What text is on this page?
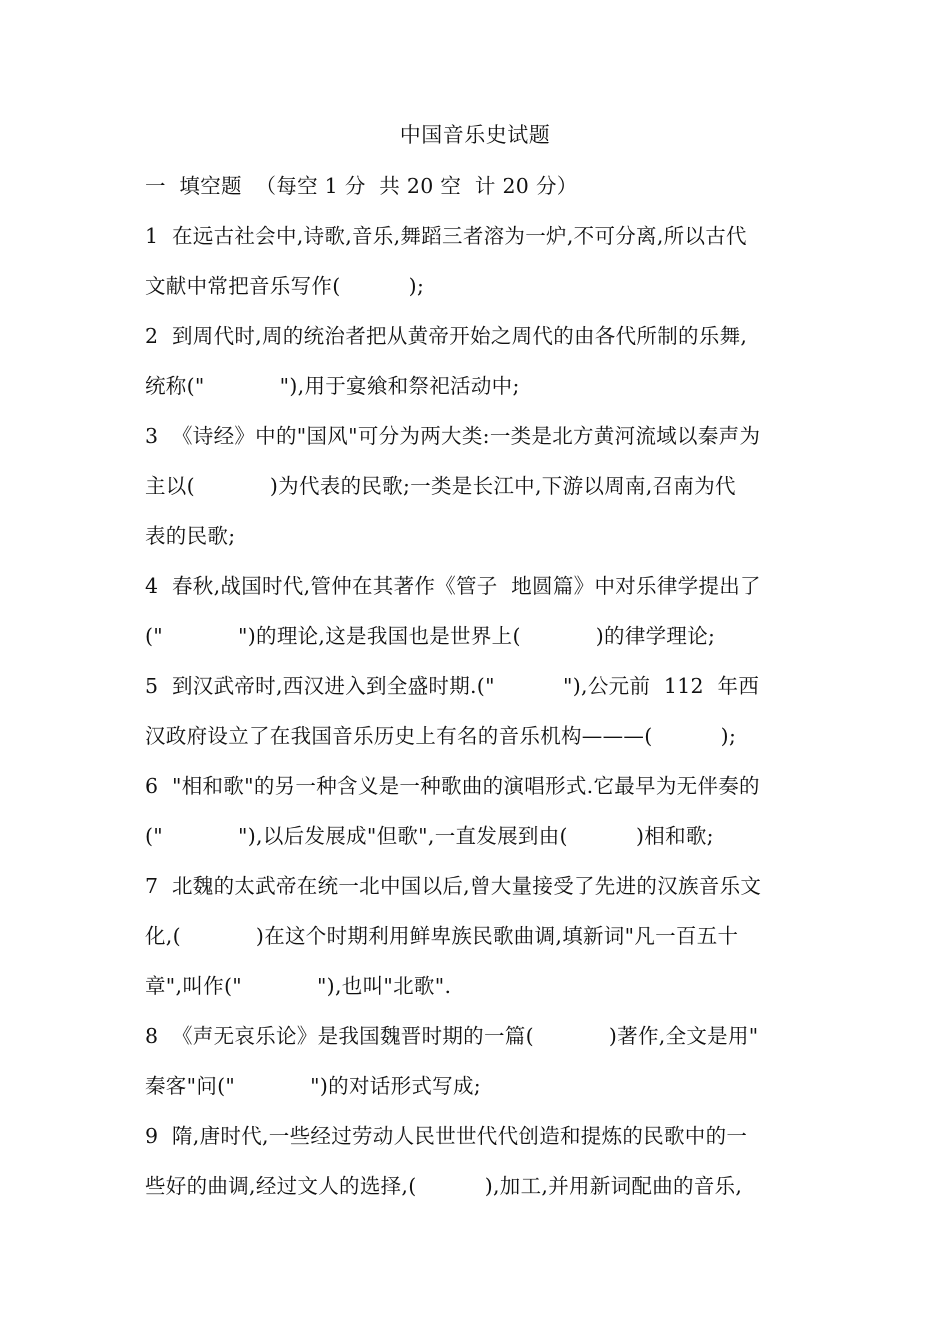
中国音乐史试题
一  填空题  （每空 1 分  共 20 空  计 20 分）
1  在远古社会中,诗歌,音乐,舞蹈三者溶为一炉,不可分离,所以古代
文献中常把音乐写作(          );
2  到周代时,周的统治者把从黄帝开始之周代的由各代所制的乐舞,
统称("           "),用于宴飨和祭祀活动中;
3  《诗经》中的"国风"可分为两大类:一类是北方黄河流域以秦声为
主以(           )为代表的民歌;一类是长江中,下游以周南,召南为代
表的民歌;
4  春秋,战国时代,管仲在其著作《管子  地圆篇》中对乐律学提出了
("           ")的理论,这是我国也是世界上(           )的律学理论;
5  到汉武帝时,西汉进入到全盛时期.("          "),公元前  112  年西
汉政府设立了在我国音乐历史上有名的音乐机构———(          );
6  "相和歌"的另一种含义是一种歌曲的演唱形式.它最早为无伴奏的
("           "),以后发展成"但歌",一直发展到由(          )相和歌;
7  北魏的太武帝在统一北中国以后,曾大量接受了先进的汉族音乐文
化,(           )在这个时期利用鲜卑族民歌曲调,填新词"凡一百五十
章",叫作("           "),也叫"北歌".
8  《声无哀乐论》是我国魏晋时期的一篇(           )著作,全文是用"
秦客"问("           ")的对话形式写成;
9  隋,唐时代,一些经过劳动人民世世代代创造和提炼的民歌中的一
些好的曲调,经过文人的选择,(          ),加工,并用新词配曲的音乐,
